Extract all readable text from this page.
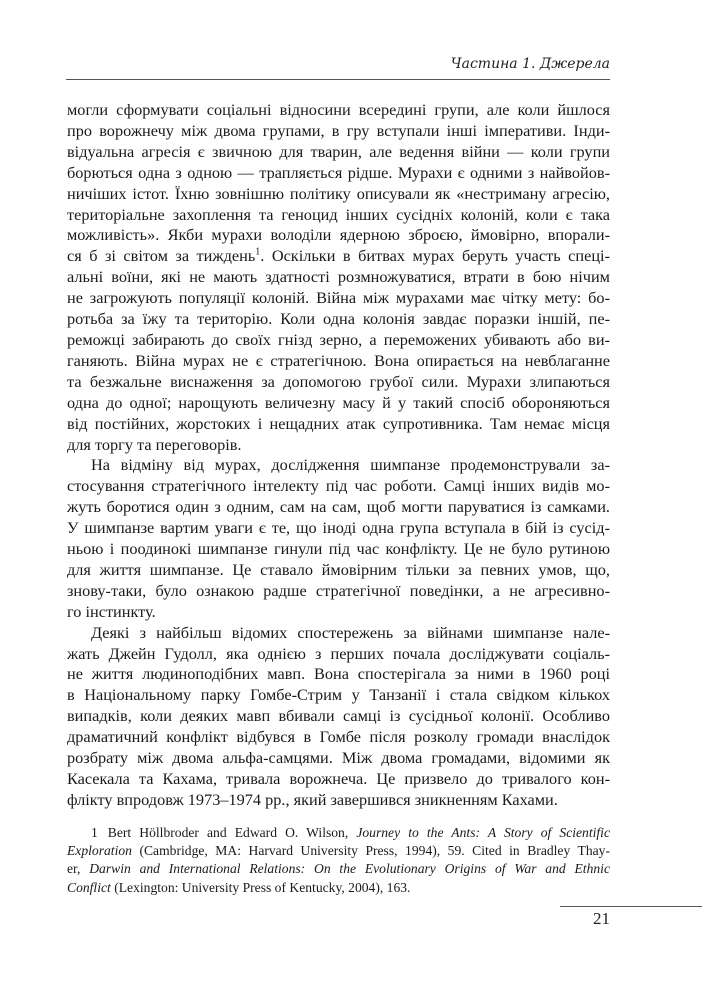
Частина 1. Джерела

могли сформувати соціальні відносини всередині групи, але коли йшлося
про ворожнечу між двома групами, в гру вступали інші імперативи. Інди-
відуальна агресія є звичною для тварин, але ведення війни — коли групи
борються одна з одною — трапляється рідше. Мурахи є одними з найвойов-
ничіших істот. Їхню зовнішню політику описували як «нестриману агресію,
територіальне захоплення та геноцид інших сусідніх колоній, коли є така
можливість». Якби мурахи володіли ядерною зброєю, ймовірно, впорали-
ся б зі світом за тиждень$^1$. Оскільки в битвах мурах беруть участь спеці-
альні воїни, які не мають здатності розмножуватися, втрати в бою нічим
не загрожують популяції колоній. Війна між мурахами має чітку мету: бо-
ротьба за їжу та територію. Коли одна колонія завдає поразки іншій, пе-
реможці забирають до своїх гнізд зерно, а переможених убивають або ви-
ганяють. Війна мурах не є стратегічною. Вона опирається на невблаганне
та безжальне виснаження за допомогою грубої сили. Мурахи злипаються
одна до одної; нарощують величезну масу й у такий спосіб обороняються
від постійних, жорстоких і нещадних атак супротивника. Там немає місця
для торгу та переговорів.

На відміну від мурах, дослідження шимпанзе продемонстрували за-
стосування стратегічного інтелекту під час роботи. Самці інших видів мо-
жуть боротися один з одним, сам на сам, щоб могти паруватися із самками.
У шимпанзе вартим уваги є те, що іноді одна група вступала в бій із сусід-
ньою і поодинокі шимпанзе гинули під час конфлікту. Це не було рутиною
для життя шимпанзе. Це ставало ймовірним тільки за певних умов, що,
знову-таки, було ознакою радше стратегічної поведінки, а не агресивно-
го інстинкту.

Деякі з найбільш відомих спостережень за війнами шимпанзе нале-
жать Джейн Гудолл, яка однією з перших почала досліджувати соціаль-
не життя людиноподібних мавп. Вона спостерігала за ними в 1960 році
в Національному парку Гомбе-Стрим у Танзанії і стала свідком кількох
випадків, коли деяких мавп вбивали самці із сусідньої колонії. Особливо
драматичний конфлікт відбувся в Гомбе після розколу громади внаслідок
розбрату між двома альфа-самцями. Між двома громадами, відомими як
Касекала та Кахама, тривала ворожнеча. Це призвело до тривалого кон-
флікту впродовж 1973–1974 рр., який завершився зникненням Кахами.

1 Bert Höllbroder and Edward O. Wilson, Journey to the Ants: A Story of Scientific
Exploration (Cambridge, MA: Harvard University Press, 1994), 59. Cited in Bradley Thay-
er, Darwin and International Relations: On the Evolutionary Origins of War and Ethnic
Conflict (Lexington: University Press of Kentucky, 2004), 163.
21
